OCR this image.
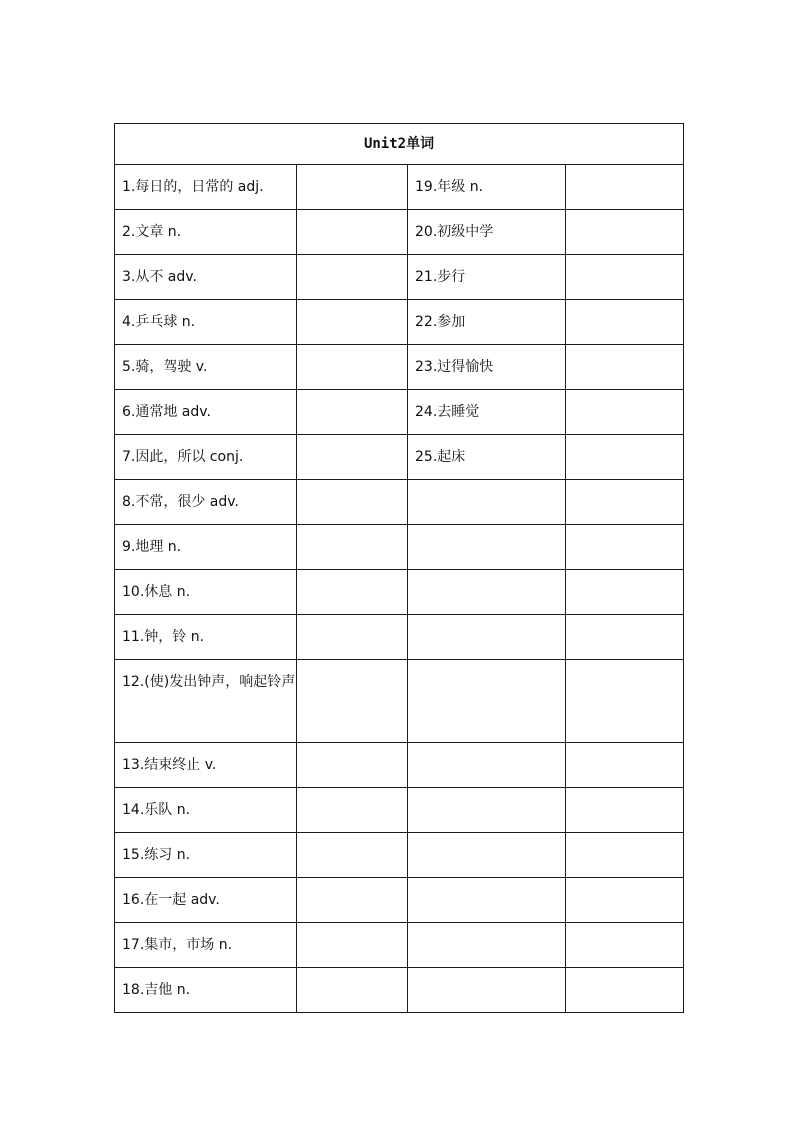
Unit2单词			
1.每日的，日常的 adj.		19.年级 n.	
2.文章 n.		20.初级中学	
3.从不 adv.		21.步行	
4.乒乓球 n.		22.参加	
5.骑，驾驶 v.		23.过得愉快	
6.通常地 adv.		24.去睡觉	
7.因此，所以 conj.		25.起床	
8.不常，很少 adv.			
9.地理 n.			
10.休息 n.			
11.钟，铃 n.			
12.(使)发出钟声，响起铃声			
13.结束终止 v.			
14.乐队 n.			
15.练习 n.			
16.在一起 adv.			
17.集市，市场 n.			
18.吉他 n.			
